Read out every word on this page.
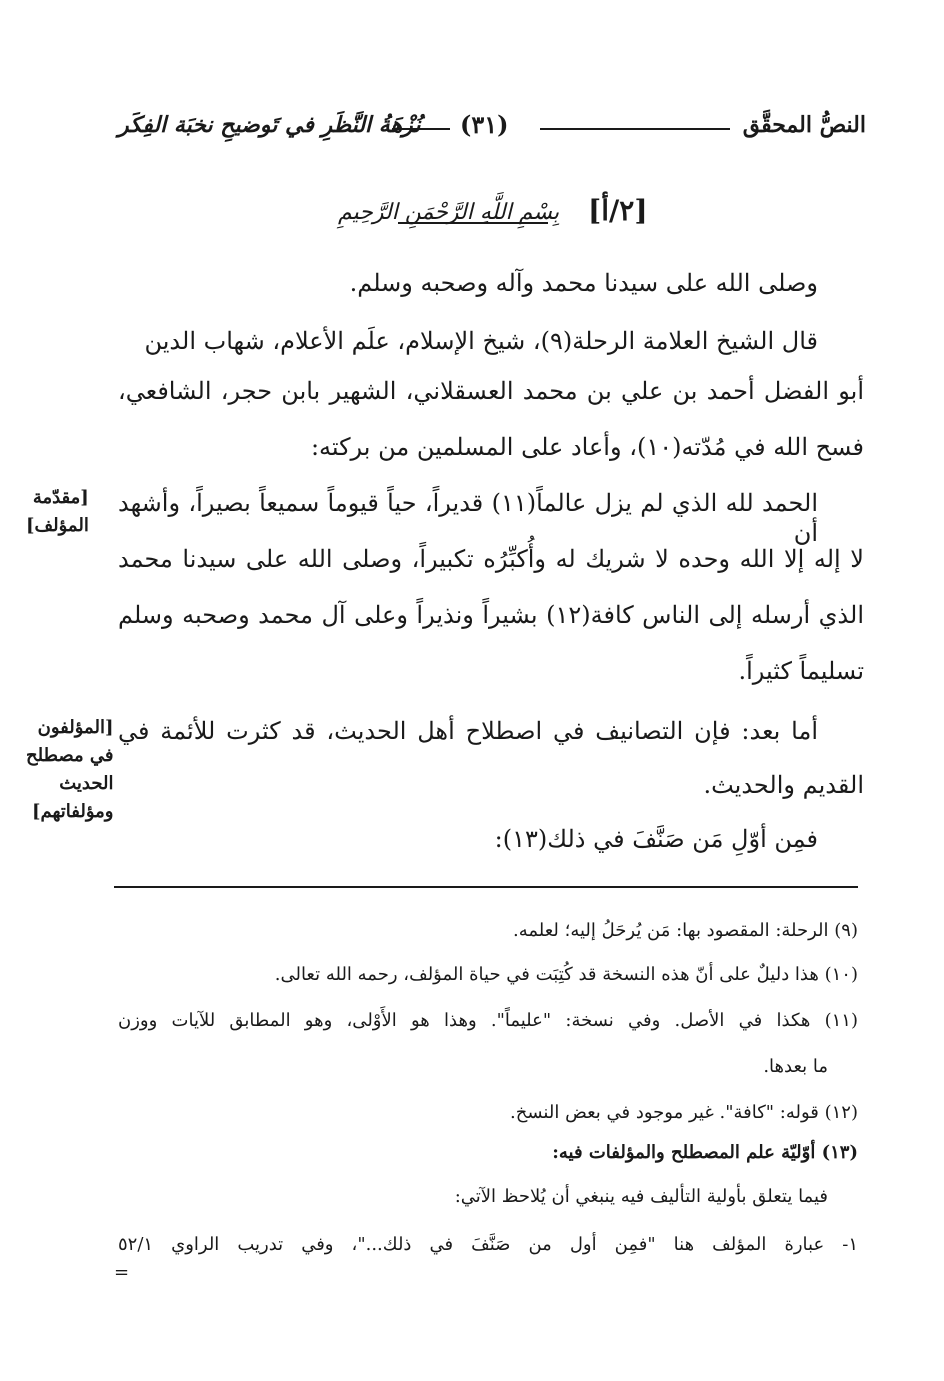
النصُّ المحقَّق
(٣١)
نُزْهَةُ النَّظَرِ في تَوضيحِ نخبَة الفِكَر
[٢/أ]
بِسْمِ اللَّهِ الرَّحْمَنِ الرَّحِيمِ
وصلى الله على سيدنا محمد وآله وصحبه وسلم.
قال الشيخ العلامة الرحلة(٩)، شيخ الإسلام، علَم الأعلام، شهاب الدين
أبو الفضل أحمد بن علي بن محمد العسقلاني، الشهير بابن حجر، الشافعي،
فسح الله في مُدّته(١٠)، وأعاد على المسلمين من بركته:
الحمد لله الذي لم يزل عالماً(١١) قديراً، حياً قيوماً سميعاً بصيراً، وأشهد أن
لا إله إلا الله وحده لا شريك له وأُكبِّرُه تكبيراً، وصلى الله على سيدنا محمد
الذي أرسله إلى الناس كافة(١٢) بشيراً ونذيراً وعلى آل محمد وصحبه وسلم
تسليماً كثيراً.
أما بعد: فإن التصانيف في اصطلاح أهل الحديث، قد كثرت للأئمة في
القديم والحديث.
فمِن أوّلِ مَن صَنَّفَ في ذلك(١٣):
[مقدّمة
المؤلف]
[المؤلفون
في مصطلح
الحديث
ومؤلفاتهم]
(٩) الرحلة: المقصود بها: مَن يُرحَلُ إليه؛ لعلمه.
(١٠) هذا دليلٌ على أنّ هذه النسخة قد كُتِبَت في حياة المؤلف، رحمه الله تعالى.
(١١) هكذا في الأصل. وفي نسخة: "عليماً". وهذا هو الأَوْلى، وهو المطابق للآيات ووزن
ما بعدها.
(١٢) قوله: "كافة". غير موجود في بعض النسخ.
(١٣) أوّليّة علم المصطلح والمؤلفات فيه:
فيما يتعلق بأولية التأليف فيه ينبغي أن يُلاحظ الآتي:
١- عبارة المؤلف هنا "فمِن أول من صَنَّفَ في ذلك..."، وفي تدريب الراوي ٥٢/١
=
